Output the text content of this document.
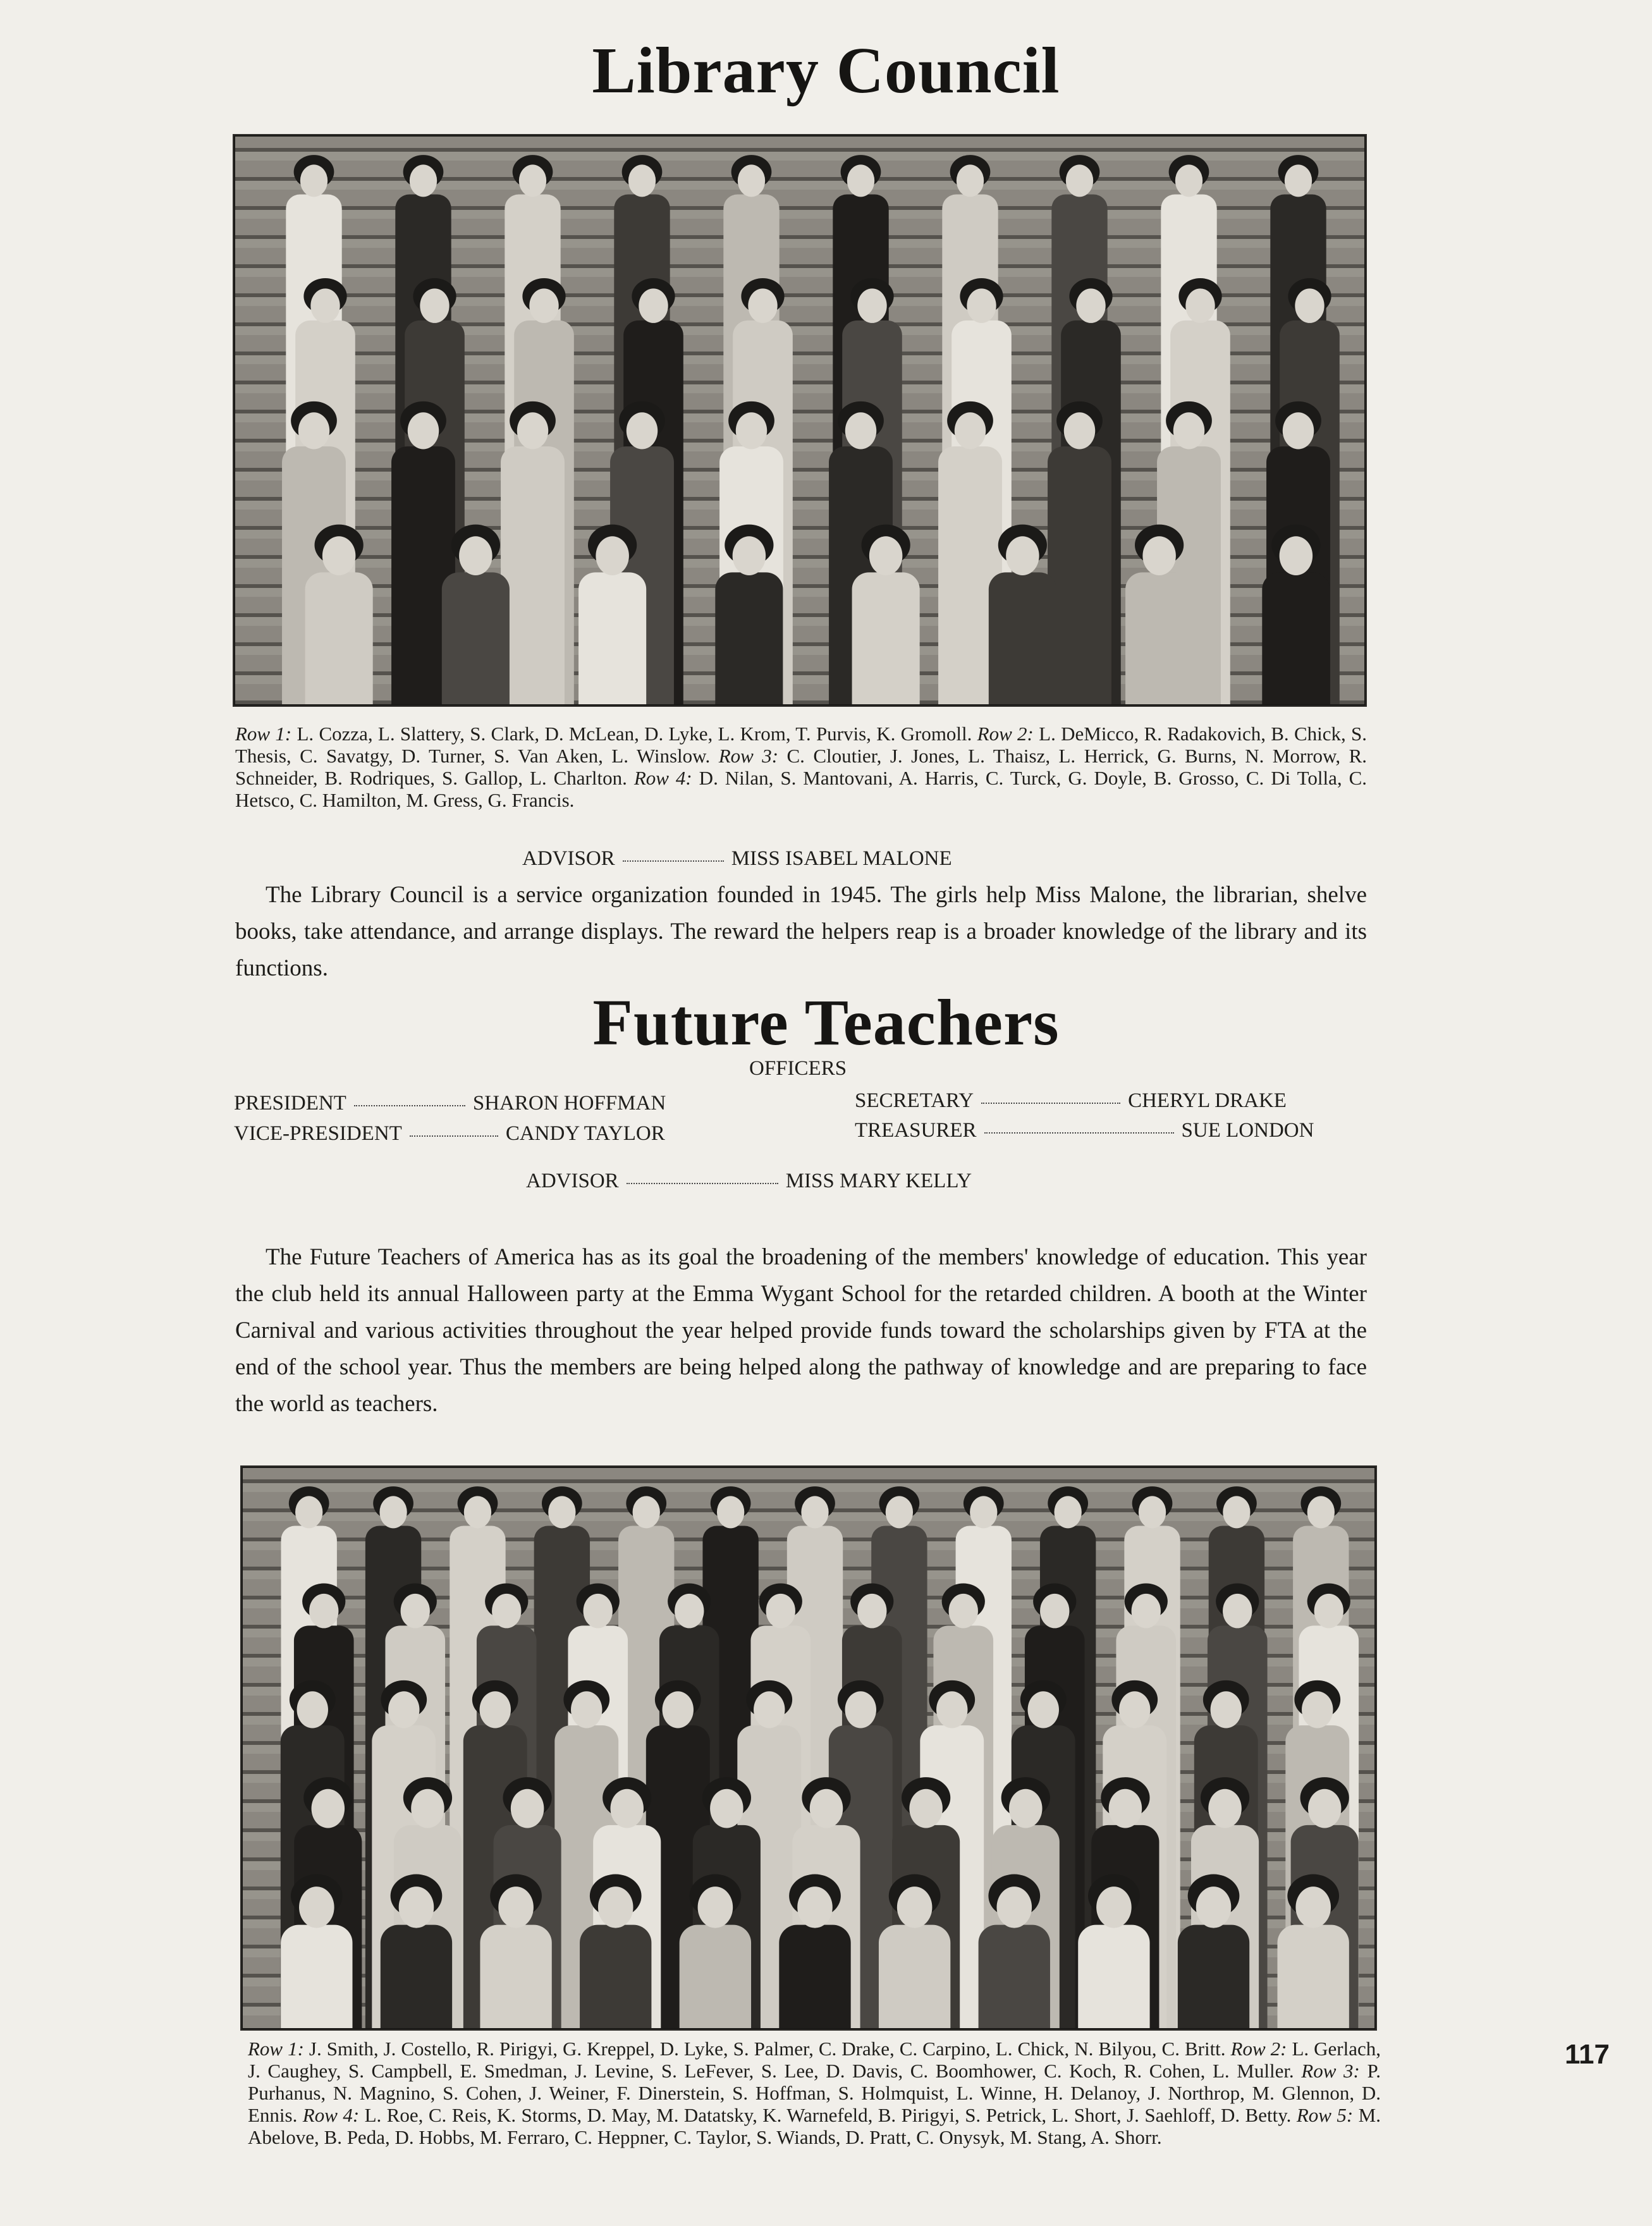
Library Council
Row 1: L. Cozza, L. Slattery, S. Clark, D. McLean, D. Lyke, L. Krom, T. Purvis, K. Gromoll. Row 2: L. DeMicco, R. Radakovich, B. Chick, S. Thesis, C. Savatgy, D. Turner, S. Van Aken, L. Winslow. Row 3: C. Cloutier, J. Jones, L. Thaisz, L. Herrick, G. Burns, N. Morrow, R. Schneider, B. Rodriques, S. Gallop, L. Charlton. Row 4: D. Nilan, S. Mantovani, A. Harris, C. Turck, G. Doyle, B. Grosso, C. Di Tolla, C. Hetsco, C. Hamilton, M. Gress, G. Francis.
ADVISOR	MISS ISABEL MALONE
The Library Council is a service organization founded in 1945. The girls help Miss Malone, the librarian, shelve books, take attendance, and arrange displays. The reward the helpers reap is a broader knowledge of the library and its functions.
Future Teachers
OFFICERS
PRESIDENT	SHARON HOFFMAN
VICE-PRESIDENT	CANDY TAYLOR
SECRETARY	CHERYL DRAKE
TREASURER	SUE LONDON
ADVISOR	MISS MARY KELLY
The Future Teachers of America has as its goal the broadening of the members' knowledge of education. This year the club held its annual Halloween party at the Emma Wygant School for the retarded children. A booth at the Winter Carnival and various activities throughout the year helped provide funds toward the scholarships given by FTA at the end of the school year. Thus the members are being helped along the pathway of knowledge and are preparing to face the world as teachers.
Row 1: J. Smith, J. Costello, R. Pirigyi, G. Kreppel, D. Lyke, S. Palmer, C. Drake, C. Carpino, L. Chick, N. Bilyou, C. Britt. Row 2: L. Gerlach, J. Caughey, S. Campbell, E. Smedman, J. Levine, S. LeFever, S. Lee, D. Davis, C. Boomhower, C. Koch, R. Cohen, L. Muller. Row 3: P. Purhanus, N. Magnino, S. Cohen, J. Weiner, F. Dinerstein, S. Hoffman, S. Holmquist, L. Winne, H. Delanoy, J. Northrop, M. Glennon, D. Ennis. Row 4: L. Roe, C. Reis, K. Storms, D. May, M. Datatsky, K. Warnefeld, B. Pirigyi, S. Petrick, L. Short, J. Saehloff, D. Betty. Row 5: M. Abelove, B. Peda, D. Hobbs, M. Ferraro, C. Heppner, C. Taylor, S. Wiands, D. Pratt, C. Onysyk, M. Stang, A. Shorr.
117
